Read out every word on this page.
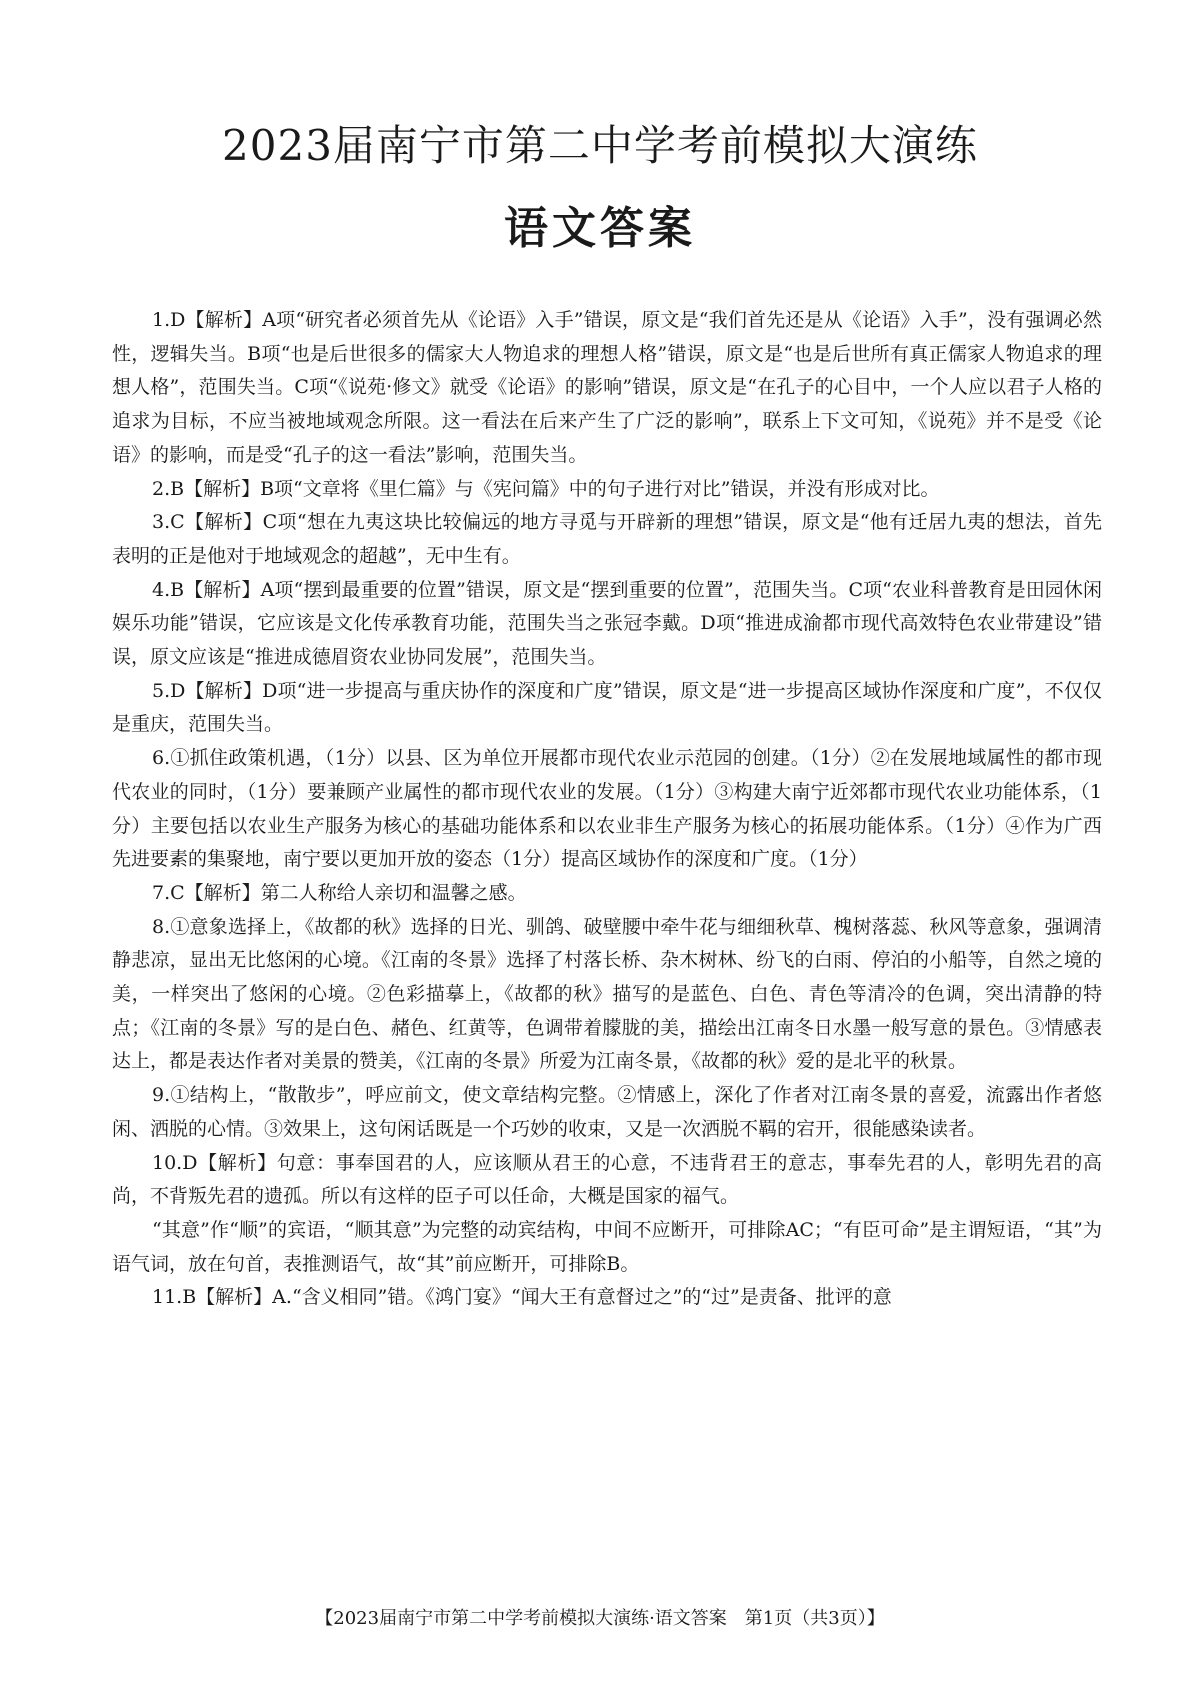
2023届南宁市第二中学考前模拟大演练
语文答案

1.D【解析】A项“研究者必须首先从《论语》入手”错误，原文是“我们首先还是从《论语》入手”，没有强调必然性，逻辑失当。B项“也是后世很多的儒家大人物追求的理想人格”错误，原文是“也是后世所有真正儒家人物追求的理想人格”，范围失当。C项“《说苑·修文》就受《论语》的影响”错误，原文是“在孔子的心目中，一个人应以君子人格的追求为目标，不应当被地域观念所限。这一看法在后来产生了广泛的影响”，联系上下文可知，《说苑》并不是受《论语》的影响，而是受“孔子的这一看法”影响，范围失当。

2.B【解析】B项“文章将《里仁篇》与《宪问篇》中的句子进行对比”错误，并没有形成对比。

3.C【解析】C项“想在九夷这块比较偏远的地方寻觅与开辟新的理想”错误，原文是“他有迁居九夷的想法，首先表明的正是他对于地域观念的超越”，无中生有。

4.B【解析】A项“摆到最重要的位置”错误，原文是“摆到重要的位置”，范围失当。C项“农业科普教育是田园休闲娱乐功能”错误，它应该是文化传承教育功能，范围失当之张冠李戴。D项“推进成渝都市现代高效特色农业带建设”错误，原文应该是“推进成德眉资农业协同发展”，范围失当。

5.D【解析】D项“进一步提高与重庆协作的深度和广度”错误，原文是“进一步提高区域协作深度和广度”，不仅仅是重庆，范围失当。

6.①抓住政策机遇，（1分）以县、区为单位开展都市现代农业示范园的创建。（1分）②在发展地域属性的都市现代农业的同时，（1分）要兼顾产业属性的都市现代农业的发展。（1分）③构建大南宁近郊都市现代农业功能体系，（1分）主要包括以农业生产服务为核心的基础功能体系和以农业非生产服务为核心的拓展功能体系。（1分）④作为广西先进要素的集聚地，南宁要以更加开放的姿态（1分）提高区域协作的深度和广度。（1分）

7.C【解析】第二人称给人亲切和温馨之感。

8.①意象选择上，《故都的秋》选择的日光、驯鸽、破壁腰中牵牛花与细细秋草、槐树落蕊、秋风等意象，强调清静悲凉，显出无比悠闲的心境。《江南的冬景》选择了村落长桥、杂木树林、纷飞的白雨、停泊的小船等，自然之境的美，一样突出了悠闲的心境。②色彩描摹上，《故都的秋》描写的是蓝色、白色、青色等清冷的色调，突出清静的特点；《江南的冬景》写的是白色、赭色、红黄等，色调带着朦胧的美，描绘出江南冬日水墨一般写意的景色。③情感表达上，都是表达作者对美景的赞美，《江南的冬景》所爱为江南冬景，《故都的秋》爱的是北平的秋景。

9.①结构上，“散散步”，呼应前文，使文章结构完整。②情感上，深化了作者对江南冬景的喜爱，流露出作者悠闲、洒脱的心情。③效果上，这句闲话既是一个巧妙的收束，又是一次洒脱不羁的宕开，很能感染读者。

10.D【解析】句意：事奉国君的人，应该顺从君王的心意，不违背君王的意志，事奉先君的人，彰明先君的高尚，不背叛先君的遗孤。所以有这样的臣子可以任命，大概是国家的福气。

“其意”作“顺”的宾语，“顺其意”为完整的动宾结构，中间不应断开，可排除AC；“有臣可命”是主谓短语，“其”为语气词，放在句首，表推测语气，故“其”前应断开，可排除B。

11.B【解析】A.“含义相同”错。《鸿门宴》“闻大王有意督过之”的“过”是责备、批评的意

【2023届南宁市第二中学考前模拟大演练·语文答案　第1页（共3页）】
